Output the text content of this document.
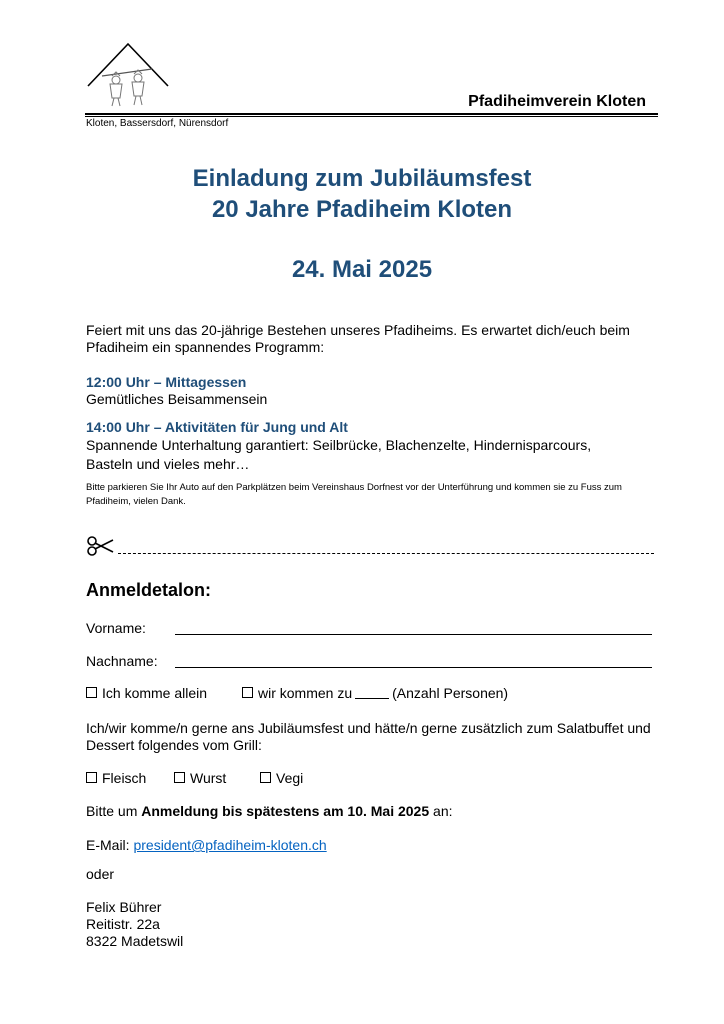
Pfadiheimverein Kloten
Kloten, Bassersdorf, Nürensdorf
Einladung zum Jubiläumsfest
20 Jahre Pfadiheim Kloten
24. Mai 2025
Feiert mit uns das 20-jährige Bestehen unseres Pfadiheims. Es erwartet dich/euch beim Pfadiheim ein spannendes Programm:
12:00 Uhr – Mittagessen
Gemütliches Beisammensein
14:00 Uhr – Aktivitäten für Jung und Alt
Spannende Unterhaltung garantiert: Seilbrücke, Blachenzelte, Hindernisparcours,
Basteln und vieles mehr…
Bitte parkieren Sie Ihr Auto auf den Parkplätzen beim Vereinshaus Dorfnest vor der Unterführung und kommen sie zu Fuss zum Pfadiheim, vielen Dank.
Anmeldetalon:
Vorname:
Nachname:
Ich komme allein	wir kommen zu	(Anzahl Personen)
Ich/wir komme/n gerne ans Jubiläumsfest und hätte/n gerne zusätzlich zum Salatbuffet und Dessert folgendes vom Grill:
Fleisch	Wurst	Vegi
Bitte um Anmeldung bis spätestens am 10. Mai 2025 an:
E-Mail: president@pfadiheim-kloten.ch
oder
Felix Bührer
Reitistr. 22a
8322 Madetswil
